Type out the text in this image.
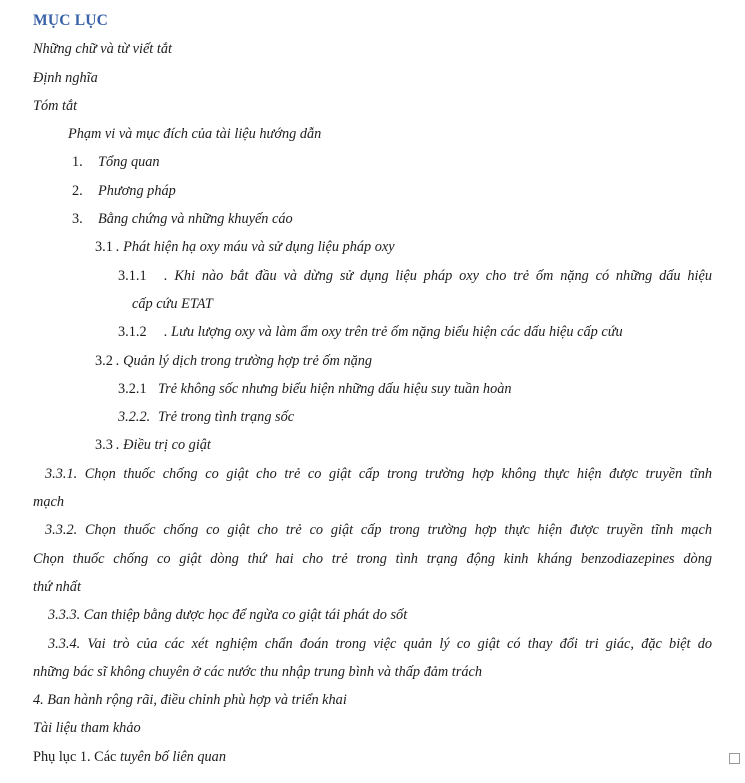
MỤC LỤC
Những chữ và từ viết tắt
Định nghĩa
Tóm tắt
Phạm vi và mục đích của tài liệu hướng dẫn
1. Tổng quan
2. Phương pháp
3. Bằng chứng và những khuyến cáo
3.1 . Phát hiện hạ oxy máu và sử dụng liệu pháp oxy
3.1.1 . Khi nào bắt đầu và dừng sử dụng liệu pháp oxy cho trẻ ốm nặng có những dấu hiệu
cấp cứu ETAT
3.1.2 . Lưu lượng oxy và làm ẩm oxy trên trẻ ốm nặng biểu hiện các dấu hiệu cấp cứu
3.2 . Quản lý dịch trong trường hợp trẻ ốm nặng
3.2.1 Trẻ không sốc nhưng biểu hiện những dấu hiệu suy tuần hoàn
3.2.2. Trẻ trong tình trạng sốc
3.3 . Điều trị co giật
3.3.1. Chọn thuốc chống co giật cho trẻ co giật cấp trong trường hợp không thực hiện được truyền tĩnh
mạch
3.3.2. Chọn thuốc chống co giật cho trẻ co giật cấp trong trường hợp thực hiện được truyền tĩnh mạch
Chọn thuốc chống co giật dòng thứ hai cho trẻ trong tình trạng động kinh kháng benzodiazepines dòng
thứ nhất
3.3.3. Can thiệp bằng dược học để ngừa co giật tái phát do sốt
3.3.4. Vai trò của các xét nghiệm chẩn đoán trong việc quản lý co giật có thay đổi tri giác, đặc biệt do
những bác sĩ không chuyên ở các nước thu nhập trung bình và thấp đảm trách
4. Ban hành rộng rãi, điều chỉnh phù hợp và triển khai
Tài liệu tham khảo
Phụ lục 1. Các tuyên bố liên quan
